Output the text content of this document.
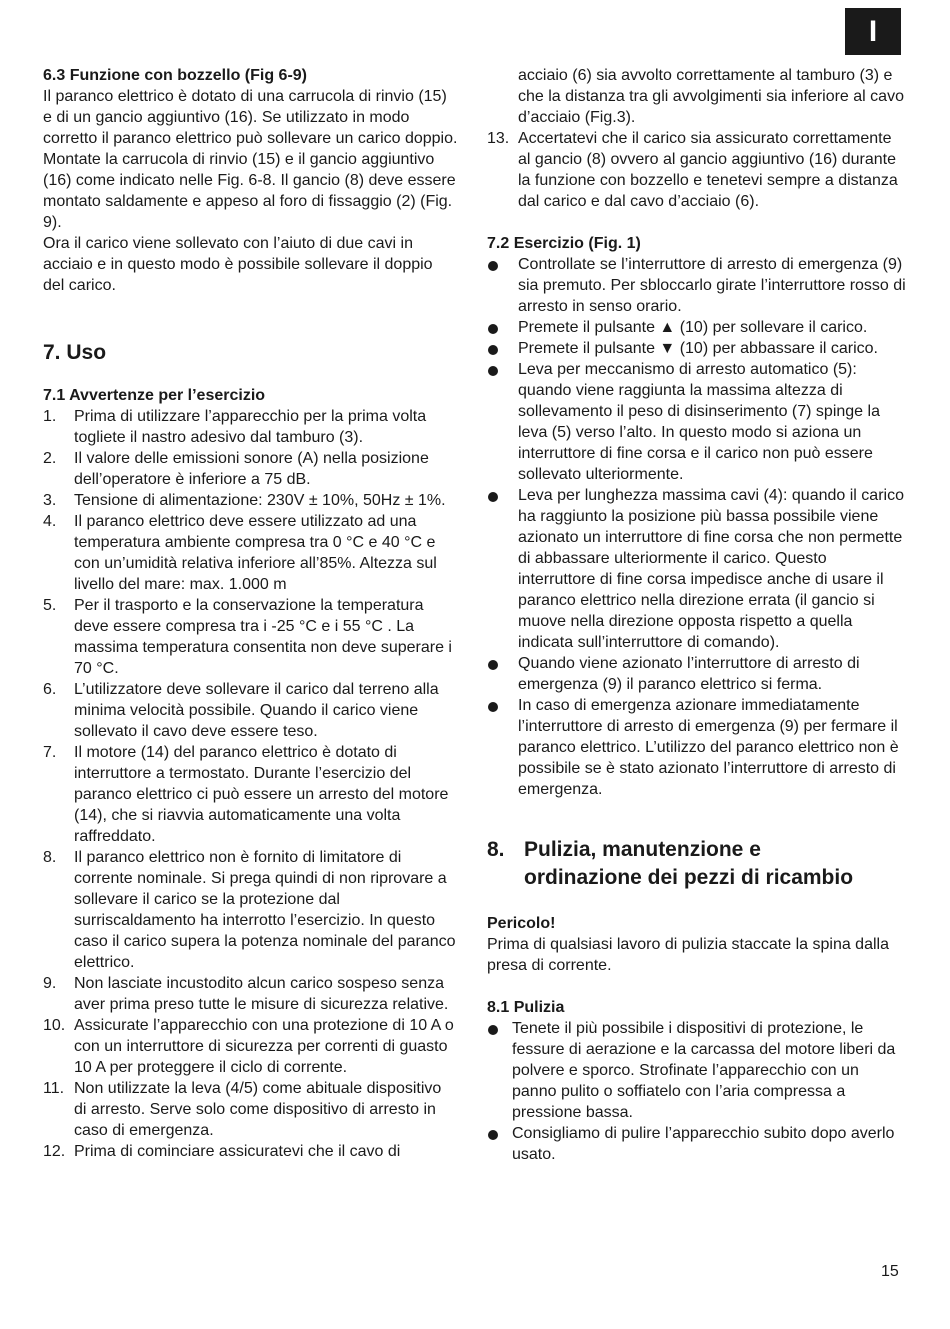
I

6.3 Funzione con bozzello (Fig 6-9)

Il paranco elettrico è dotato di una carrucola di rinvio (15) e di un gancio aggiuntivo (16). Se utilizzato in modo corretto il paranco elettrico può sollevare un carico doppio.

Montate la carrucola di rinvio (15) e il gancio aggiuntivo (16) come indicato nelle Fig. 6-8. Il gancio (8) deve essere montato saldamente e appeso al foro di fissaggio (2) (Fig. 9).

Ora il carico viene sollevato con l’aiuto di due cavi in acciaio e in questo modo è possibile sollevare il doppio del carico.

7. Uso

7.1 Avvertenze per l’esercizio

1. Prima di utilizzare l’apparecchio per la prima volta togliete il nastro adesivo dal tamburo (3).
2. Il valore delle emissioni sonore (A) nella posizione dell’operatore è inferiore a 75 dB.
3. Tensione di alimentazione: 230V ± 10%, 50Hz ± 1%.
4. Il paranco elettrico deve essere utilizzato ad una temperatura ambiente compresa tra 0 °C e 40 °C e con un’umidità relativa inferiore all’85%. Altezza sul livello del mare: max. 1.000 m
5. Per il trasporto e la conservazione la temperatura deve essere compresa tra i -25 °C e i 55 °C . La massima temperatura consentita non deve superare i 70 °C.
6. L’utilizzatore deve sollevare il carico dal terreno alla minima velocità possibile. Quando il carico viene sollevato il cavo deve essere teso.
7. Il motore (14) del paranco elettrico è dotato di interruttore a termostato. Durante l’esercizio del paranco elettrico ci può essere un arresto del motore (14), che si riavvia automaticamente una volta raffreddato.
8. Il paranco elettrico non è fornito di limitatore di corrente nominale. Si prega quindi di non riprovare a sollevare il carico se la protezione dal surriscaldamento ha interrotto l’esercizio. In questo caso il carico supera la potenza nominale del paranco elettrico.
9. Non lasciate incustodito alcun carico sospeso senza aver prima preso tutte le misure di sicurezza relative.
10. Assicurate l’apparecchio con una protezione di 10 A o con un interruttore di sicurezza per correnti di guasto 10 A per proteggere il ciclo di corrente.
11. Non utilizzate la leva (4/5) come abituale dispositivo di arresto. Serve solo come dispositivo di arresto in caso di emergenza.
12. Prima di cominciare assicuratevi che il cavo di

acciaio (6) sia avvolto correttamente al tamburo (3) e che la distanza tra gli avvolgimenti sia inferiore al cavo d’acciaio (Fig.3).

13. Accertatevi che il carico sia assicurato correttamente al gancio (8) ovvero al gancio aggiuntivo (16) durante la funzione con bozzello e tenetevi sempre a distanza dal carico e dal cavo d’acciaio (6).

7.2 Esercizio (Fig. 1)

Controllate se l’interruttore di arresto di emergenza (9) sia premuto. Per sbloccarlo girate l’interruttore rosso di arresto in senso orario.
Premete il pulsante ▲ (10) per sollevare il carico.
Premete il pulsante ▼ (10) per abbassare il carico.
Leva per meccanismo di arresto automatico (5): quando viene raggiunta la massima altezza di sollevamento il peso di disinserimento (7) spinge la leva (5) verso l’alto. In questo modo si aziona un interruttore di fine corsa e il carico non può essere sollevato ulteriormente.
Leva per lunghezza massima cavi (4): quando il carico ha raggiunto la posizione più bassa possibile viene azionato un interruttore di fine corsa che non permette di abbassare ulteriormente il carico. Questo interruttore di fine corsa impedisce anche di usare il paranco elettrico nella direzione errata (il gancio si muove nella direzione opposta rispetto a quella indicata sull’interruttore di comando).
Quando viene azionato l’interruttore di arresto di emergenza (9) il paranco elettrico si ferma.
In caso di emergenza azionare immediatamente l’interruttore di arresto di emergenza (9) per fermare il paranco elettrico. L’utilizzo del paranco elettrico non è possibile se è stato azionato l’interruttore di arresto di emergenza.
8. Pulizia, manutenzione e
ordinazione dei pezzi di ricambio

Pericolo!

Prima di qualsiasi lavoro di pulizia staccate la spina dalla presa di corrente.

8.1 Pulizia

Tenete il più possibile i dispositivi di protezione, le fessure di aerazione e la carcassa del motore liberi da polvere e sporco. Strofinate l’apparecchio con un panno pulito o soffiatelo con l’aria compressa a pressione bassa.
Consigliamo di pulire l’apparecchio subito dopo averlo usato.
15
